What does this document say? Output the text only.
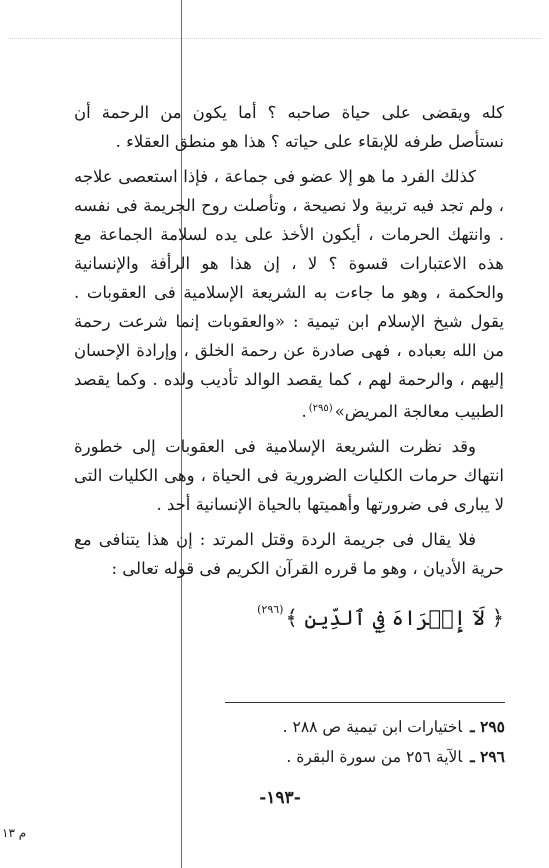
كله ويقضى على حياة صاحبه ؟ أما يكون من الرحمة أن نستأصل طرفه للإبقاء على حياته ؟ هذا هو منطق العقلاء .

كذلك الفرد ما هو إلا عضو فى جماعة ، فإذا استعصى علاجه ، ولم تجد فيه تربية ولا نصيحة ، وتأصلت روح الجريمة فى نفسه . وانتهك الحرمات ، أيكون الأخذ على يده لسلامة الجماعة مع هذه الاعتبارات قسوة ؟ لا ، إن هذا هو الرأفة والإنسانية والحكمة ، وهو ما جاءت به الشريعة الإسلامية فى العقوبات . يقول شيخ الإسلام ابن تيمية : «والعقوبات إنما شرعت رحمة من الله بعباده ، فهى صادرة عن رحمة الخلق ، وإرادة الإحسان إليهم ، والرحمة لهم ، كما يقصد الوالد تأديب ولده . وكما يقصد الطبيب معالجة المريض»$^{(٢٩٥)}$.

وقد نظرت الشريعة الإسلامية فى العقوبات إلى خطورة انتهاك حرمات الكليات الضرورية فى الحياة ، وهى الكليات التى لا يبارى فى ضرورتها وأهميتها بالحياة الإنسانية أحد .

فلا يقال فى جريمة الردة وقتل المرتد : إن هذا يتنافى مع حرية الأديان ، وهو ما قرره القرآن الكريم فى قوله تعالى :

﴿ لَآ إِكۡرَاهَ فِي ٱلدِّينِ ﴾$^{(٢٩٦)}$
٢٩٥ ـاختيارات ابن تيمية ص ٢٨٨ .
٢٩٦ ـالآية ٢٥٦ من سورة البقرة .
-١٩٣-
م ١٣
